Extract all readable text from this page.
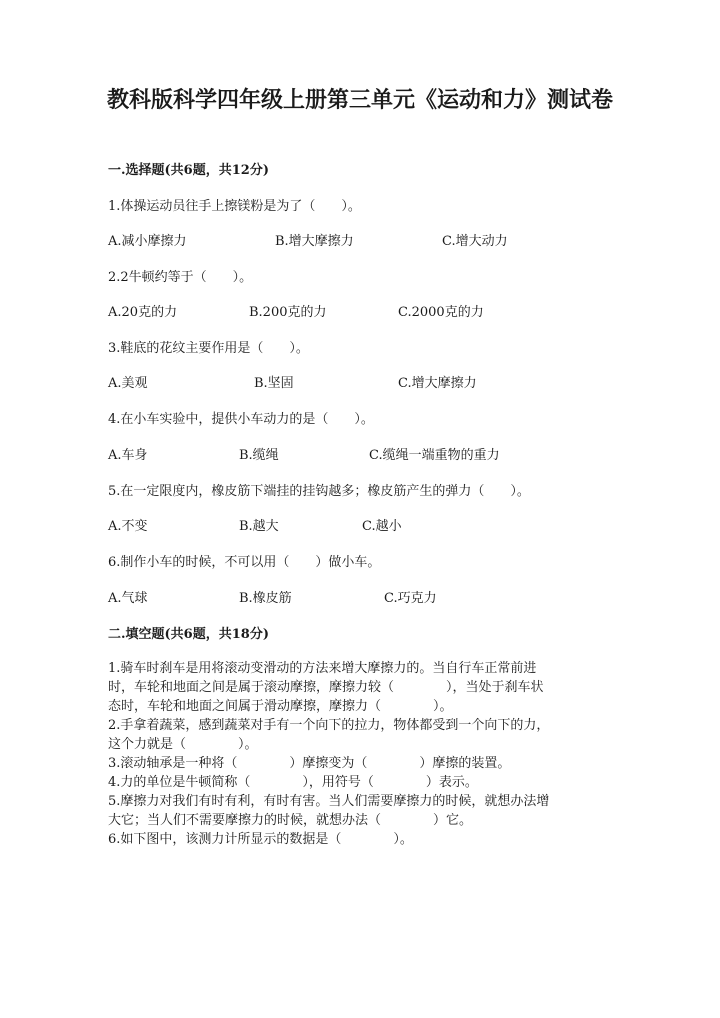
教科版科学四年级上册第三单元《运动和力》测试卷
一.选择题(共6题，共12分)
1.体操运动员往手上擦镁粉是为了（　　）。
A.减小摩擦力	B.增大摩擦力	C.增大动力
2.2牛顿约等于（　　）。
A.20克的力	B.200克的力	C.2000克的力
3.鞋底的花纹主要作用是（　　）。
A.美观	B.坚固	C.增大摩擦力
4.在小车实验中，提供小车动力的是（　　）。
A.车身	B.缆绳	C.缆绳一端重物的重力
5.在一定限度内，橡皮筋下端挂的挂钩越多；橡皮筋产生的弹力（　　）。
A.不变	B.越大	C.越小
6.制作小车的时候，不可以用（　　）做小车。
A.气球	B.橡皮筋	C.巧克力
二.填空题(共6题，共18分)
1.骑车时刹车是用将滚动变滑动的方法来增大摩擦力的。当自行车正常前进
时，车轮和地面之间是属于滚动摩擦，摩擦力较（　　　　），当处于刹车状
态时，车轮和地面之间属于滑动摩擦，摩擦力（　　　　）。
2.手拿着蔬菜，感到蔬菜对手有一个向下的拉力，物体都受到一个向下的力，
这个力就是（　　　　）。
3.滚动轴承是一种将（　　　　）摩擦变为（　　　　）摩擦的装置。
4.力的单位是牛顿简称（　　　　），用符号（　　　　）表示。
5.摩擦力对我们有时有利，有时有害。当人们需要摩擦力的时候，就想办法增
大它；当人们不需要摩擦力的时候，就想办法（　　　　）它。
6.如下图中，该测力计所显示的数据是（　　　　）。
